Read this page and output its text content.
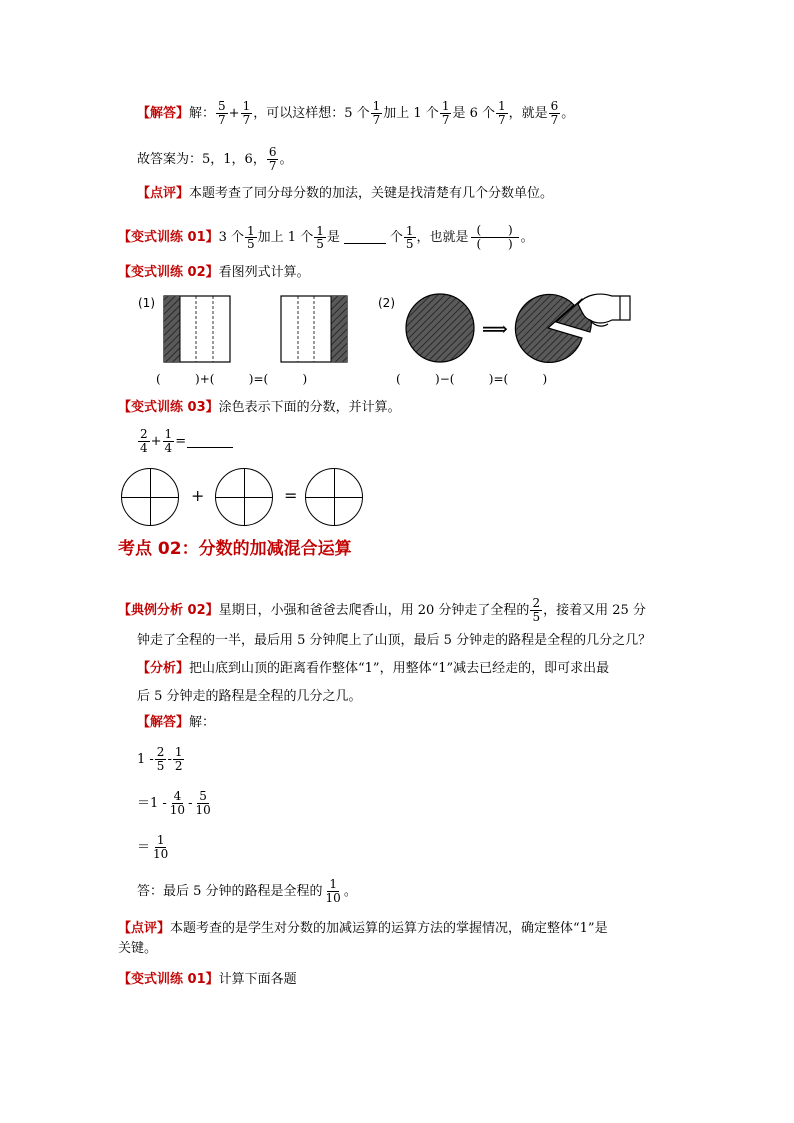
【解答】 解： $\frac{5}{7} + \frac{1}{7}$ ，可以这样想：5 个 $\frac{1}{7}$ 加上 1 个 $\frac{1}{7}$ 是 6 个 $\frac{1}{7}$ ，就是 $\frac{6}{7}$ 。
故答案为：5，1，6， $\frac{6}{7}$ 。
【点评】 本题考查了同分母分数的加法，关键是找清楚有几个分数单位。
【变式训练 01】 3 个 $\frac{1}{5}$ 加上 1 个 $\frac{1}{5}$ 是	个 $\frac{1}{5}$ ，也就是
( )
( ) 。
【变式训练 02】 看图列式计算。
(1)	(2)
⟹
(         )+(         )=(         )	(         )−(         )=(         )
【变式训练 03】 涂色表示下面的分数，并计算。
$\frac{2}{4} + \frac{1}{4}$ =
+	=
考点 02：分数的加减混合运算
【典例分析 02】 星期日，小强和爸爸去爬香山，用 20 分钟走了全程的 $\frac{2}{5}$ ，接着又用 25 分
钟走了全程的一半，最后用 5 分钟爬上了山顶，最后 5 分钟走的路程是全程的几分之几？
【分析】 把山底到山顶的距离看作整体“1”，用整体“1”减去已经走的，即可求出最
后 5 分钟走的路程是全程的几分之几。
【解答】 解：
$1 - \frac{2}{5} - \frac{1}{2}$
$=1 - \frac{4}{10} - \frac{5}{10}$
＝ $\frac{1}{10}$
答：最后 5 分钟的路程是全程的 $\frac{1}{10}$ 。
【点评】 本题考查的是学生对分数的加减运算的运算方法的掌握情况，确定整体“1”是
关键。
【变式训练 01】 计算下面各题
